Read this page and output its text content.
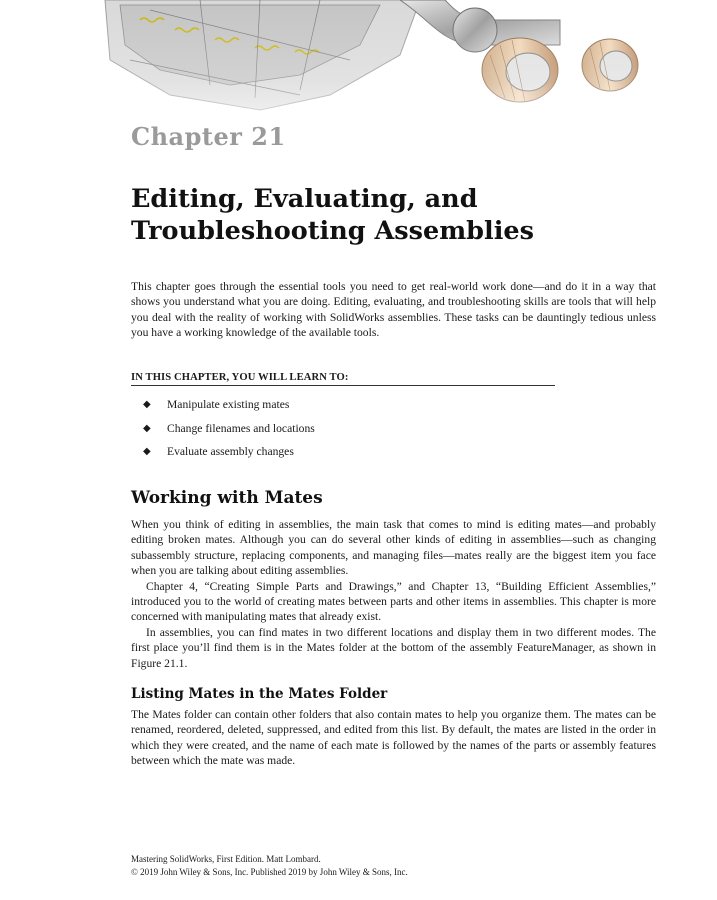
Chapter 21
Editing, Evaluating, and
Troubleshooting Assemblies

This chapter goes through the essential tools you need to get real-world work done—and do it in a way that shows you understand what you are doing. Editing, evaluating, and troubleshooting skills are tools that will help you deal with the reality of working with SolidWorks assemblies. These tasks can be dauntingly tedious unless you have a working knowledge of the available tools.

IN THIS CHAPTER, YOU WILL LEARN TO:

◆	Manipulate existing mates
◆	Change filenames and locations
◆	Evaluate assembly changes
Working with Mates

When you think of editing in assemblies, the main task that comes to mind is editing mates—and probably editing broken mates. Although you can do several other kinds of editing in assemblies—such as changing subassembly structure, replacing components, and managing files—mates really are the biggest item you face when you are talking about editing assemblies.

Chapter 4, “Creating Simple Parts and Drawings,” and Chapter 13, “Building Efficient Assemblies,” introduced you to the world of creating mates between parts and other items in assemblies. This chapter is more concerned with manipulating mates that already exist.

In assemblies, you can find mates in two different locations and display them in two different modes. The first place you’ll find them is in the Mates folder at the bottom of the assembly FeatureManager, as shown in Figure 21.1.

Listing Mates in the Mates Folder

The Mates folder can contain other folders that also contain mates to help you organize them. The mates can be renamed, reordered, deleted, suppressed, and edited from this list. By default, the mates are listed in the order in which they were created, and the name of each mate is followed by the names of the parts or assembly features between which the mate was made.

Mastering SolidWorks, First Edition. Matt Lombard.

© 2019 John Wiley & Sons, Inc. Published 2019 by John Wiley & Sons, Inc.
